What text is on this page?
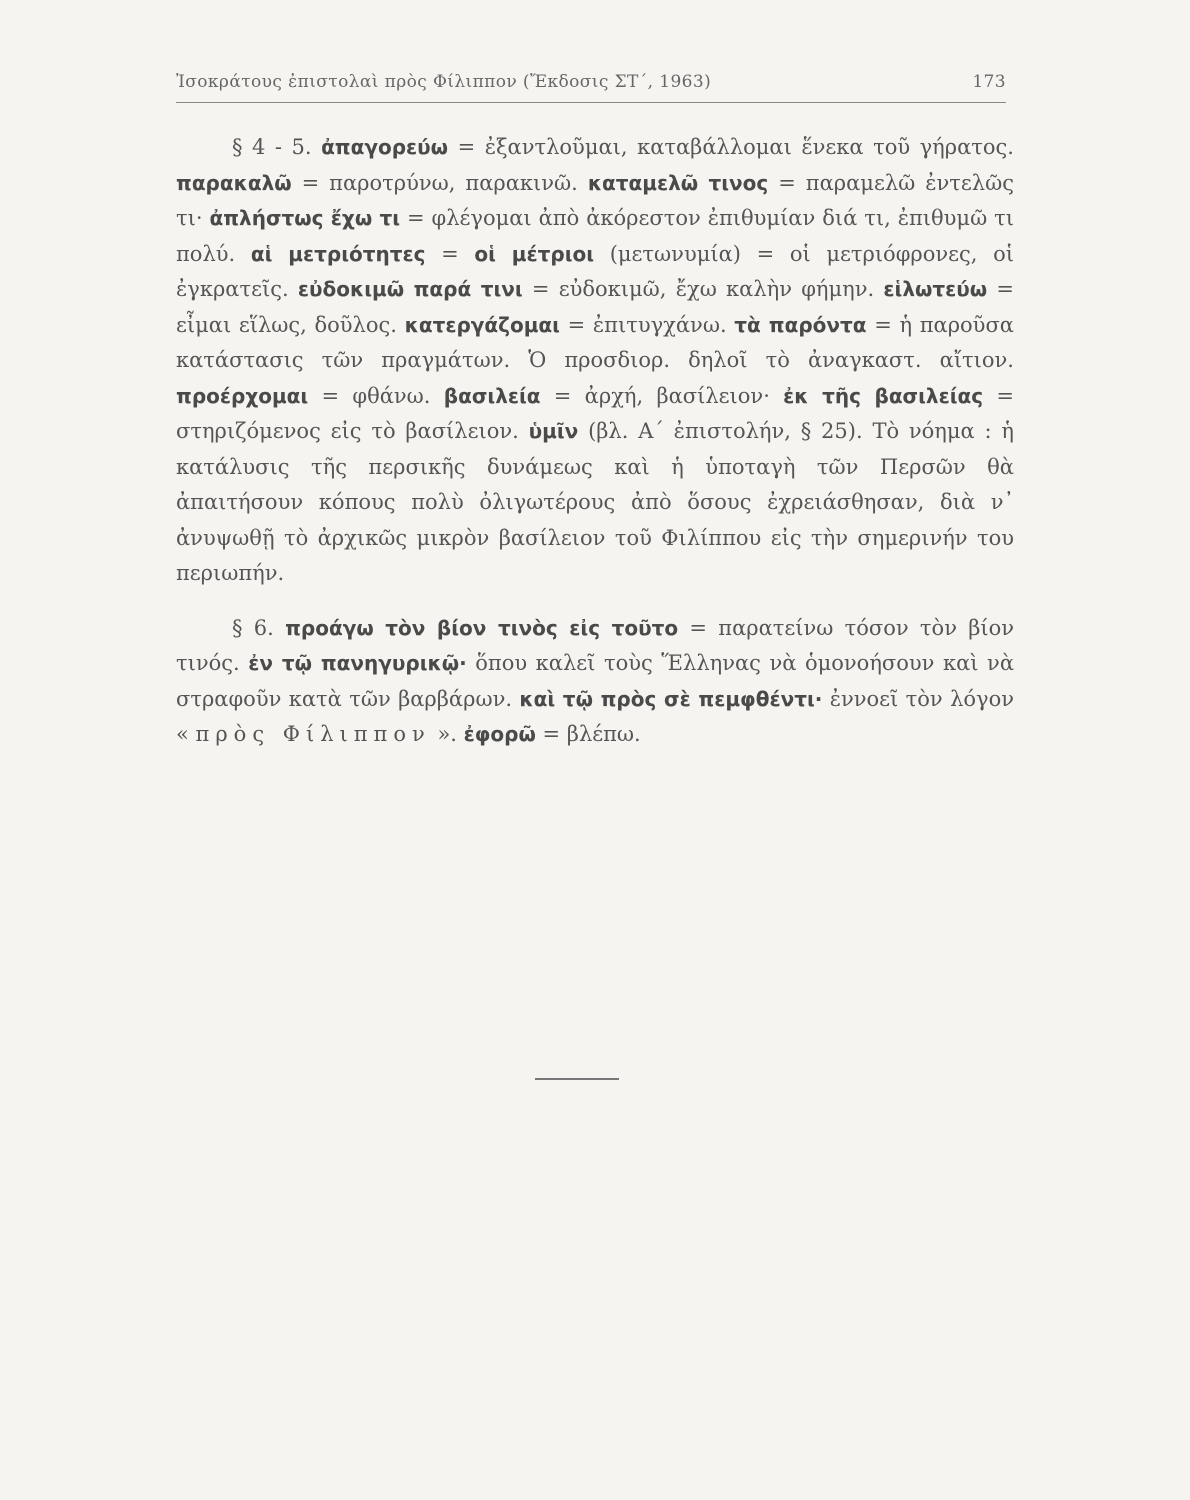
Ἰσοκράτους ἐπιστολαὶ πρὸς Φίλιππον (Ἔκδοσις ΣΤ΄, 1963)	173

§ 4 - 5. ἀπαγορεύω = ἐξαντλοῦμαι, καταβάλλομαι ἕνεκα τοῦ γήρατος. παρακαλῶ = παροτρύνω, παρακινῶ. καταμελῶ τινος = παραμελῶ ἐντελῶς τι· ἀπλήστως ἔχω τι = φλέγομαι ἀπὸ ἀκόρεστον ἐπιθυμίαν διά τι, ἐπιθυμῶ τι πολύ. αἱ μετριότητες = οἱ μέτριοι (μετωνυμία) = οἱ μετριόφρονες, οἱ ἐγκρατεῖς. εὐδοκιμῶ παρά τινι = εὐδοκιμῶ, ἔχω καλὴν φήμην. εἱλωτεύω = εἶμαι εἵλως, δοῦλος. κατεργάζομαι = ἐπιτυγχάνω. τὰ παρόντα = ἡ παροῦσα κατάστασις τῶν πραγμάτων. Ὁ προσδιορ. δηλοῖ τὸ ἀναγκαστ. αἴτιον. προέρχομαι = φθάνω. βασιλεία = ἀρχή, βασίλειον· ἐκ τῆς βασιλείας = στηριζόμενος εἰς τὸ βασίλειον. ὑμῖν (βλ. Α΄ ἐπιστολήν, § 25). Τὸ νόημα : ἡ κατάλυσις τῆς περσικῆς δυνάμεως καὶ ἡ ὑποταγὴ τῶν Περσῶν θὰ ἀπαιτήσουν κόπους πολὺ ὀλιγωτέρους ἀπὸ ὅσους ἐχρειάσθησαν, διὰ ν᾿ ἀνυψωθῇ τὸ ἀρχικῶς μικρὸν βασίλειον τοῦ Φιλίππου εἰς τὴν σημερινήν του περιωπήν.

§ 6. προάγω τὸν βίον τινὸς εἰς τοῦτο = παρατείνω τόσον τὸν βίον τινός. ἐν τῷ πανηγυρικῷ· ὅπου καλεῖ τοὺς Ἕλληνας νὰ ὁμονοήσουν καὶ νὰ στραφοῦν κατὰ τῶν βαρβάρων. καὶ τῷ πρὸς σὲ πεμφθέντι· ἐννοεῖ τὸν λόγον « πρὸς Φίλιππον ». ἐφορῶ = βλέπω.
